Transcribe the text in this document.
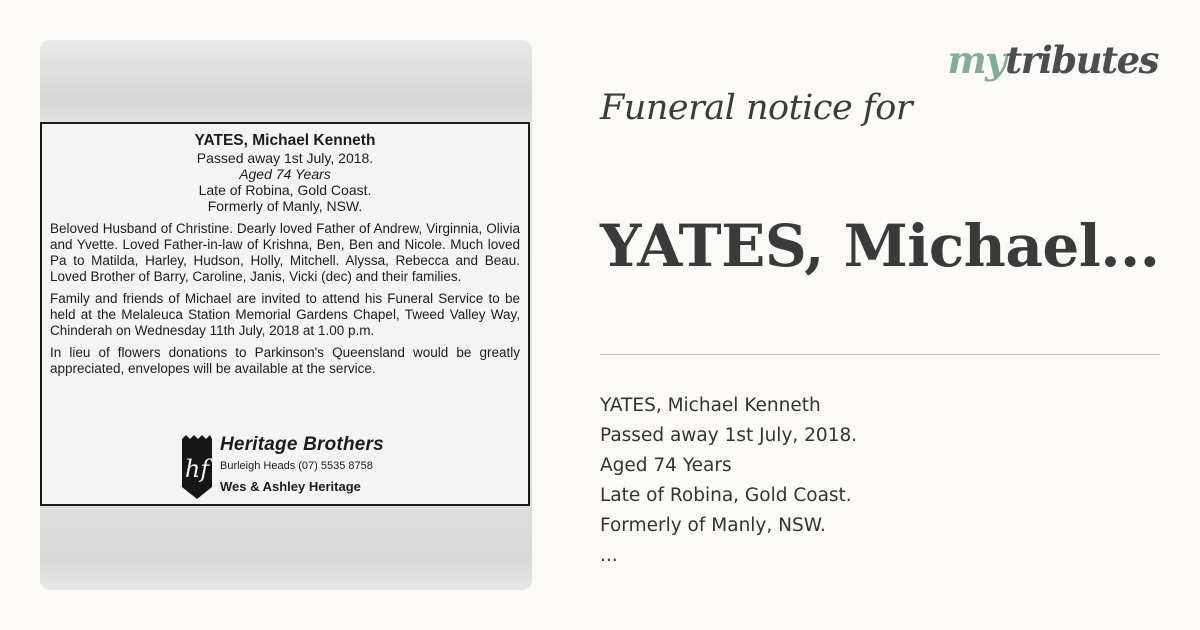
YATES, Michael Kenneth
Passed away 1st July, 2018.
Aged 74 Years
Late of Robina, Gold Coast.
Formerly of Manly, NSW.

Beloved Husband of Christine. Dearly loved Father of Andrew, Virginnia, Olivia and Yvette. Loved Father-in-law of Krishna, Ben, Ben and Nicole. Much loved Pa to Matilda, Harley, Hudson, Holly, Mitchell. Alyssa, Rebecca and Beau. Loved Brother of Barry, Caroline, Janis, Vicki (dec) and their families.

Family and friends of Michael are invited to attend his Funeral Service to be held at the Melaleuca Station Memorial Gardens Chapel, Tweed Valley Way, Chinderah on Wednesday 11th July, 2018 at 1.00 p.m.

In lieu of flowers donations to Parkinson's Queensland would be greatly appreciated, envelopes will be available at the service.

hf
Heritage Brothers
Burleigh Heads (07) 5535 8758
Wes & Ashley Heritage
mytributes
Funeral notice for
YATES, Michael...
YATES, Michael Kenneth
Passed away 1st July, 2018.
Aged 74 Years
Late of Robina, Gold Coast.
Formerly of Manly, NSW.
...
